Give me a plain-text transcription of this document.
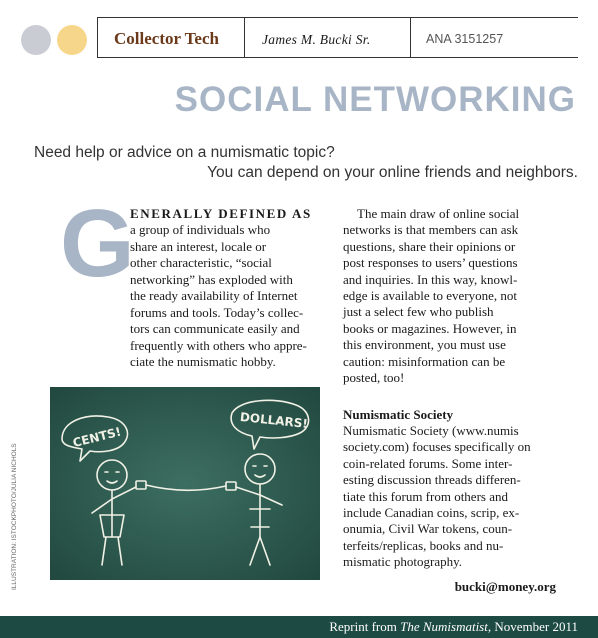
Collector Tech	James M. Bucki Sr.	ANA 3151257
SOCIAL NETWORKING
Need help or advice on a numismatic topic?
You can depend on your online friends and neighbors.
G
ENERALLY DEFINED AS
a group of individuals who
share an interest, locale or
other characteristic, “social
networking” has exploded with
the ready availability of Internet
forums and tools. Today’s collec-
tors can communicate easily and
frequently with others who appre-
ciate the numismatic hobby.
The main draw of online social
networks is that members can ask
questions, share their opinions or
post responses to users’ questions
and inquiries. In this way, knowl-
edge is available to everyone, not
just a select few who publish
books or magazines. However, in
this environment, you must use
caution: misinformation can be
posted, too!
CENTS!
DOLLARS!
ILLUSTRATION: ISTOCKPHOTO/JULIA NICHOLS
Numismatic Society
Numismatic Society (www.numis
society.com) focuses specifically on
coin-related forums. Some inter-
esting discussion threads differen-
tiate this forum from others and
include Canadian coins, scrip, ex-
onumia, Civil War tokens, coun-
terfeits/replicas, books and nu-
mismatic photography.
bucki@money.org
Reprint from The Numismatist, November 2011
